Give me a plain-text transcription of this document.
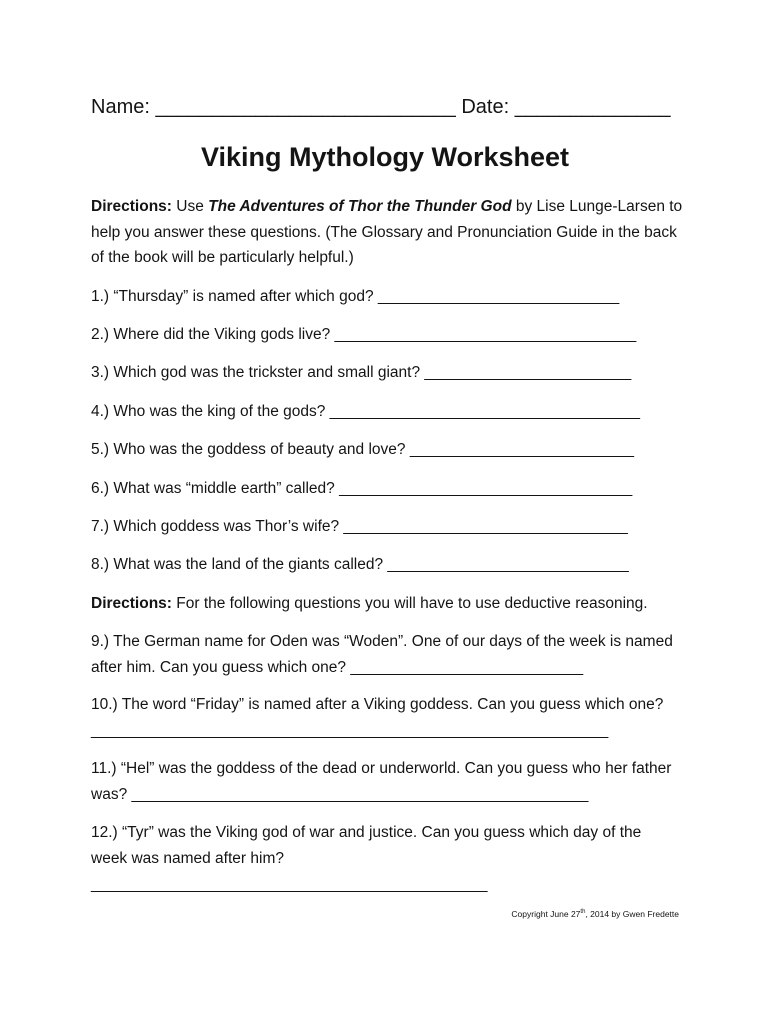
Name: ___________________________ Date: ______________
Viking Mythology Worksheet
Directions: Use The Adventures of Thor the Thunder God by Lise Lunge-Larsen to help you answer these questions. (The Glossary and Pronunciation Guide in the back of the book will be particularly helpful.)
1.) “Thursday” is named after which god? ____________________________
2.) Where did the Viking gods live? ___________________________________
3.) Which god was the trickster and small giant? ________________________
4.) Who was the king of the gods? ____________________________________
5.) Who was the goddess of beauty and love? __________________________
6.) What was “middle earth” called? __________________________________
7.) Which goddess was Thor’s wife? _________________________________
8.) What was the land of the giants called? ____________________________
Directions: For the following questions you will have to use deductive reasoning.
9.) The German name for Oden was “Woden”. One of our days of the week is named after him. Can you guess which one? ___________________________
10.) The word “Friday” is named after a Viking goddess. Can you guess which one? ____________________________________________________________
11.) “Hel” was the goddess of the dead or underworld. Can you guess who her father was? _____________________________________________________
12.) “Tyr” was the Viking god of war and justice. Can you guess which day of the week was named after him?
______________________________________________
Copyright June 27th, 2014 by Gwen Fredette
